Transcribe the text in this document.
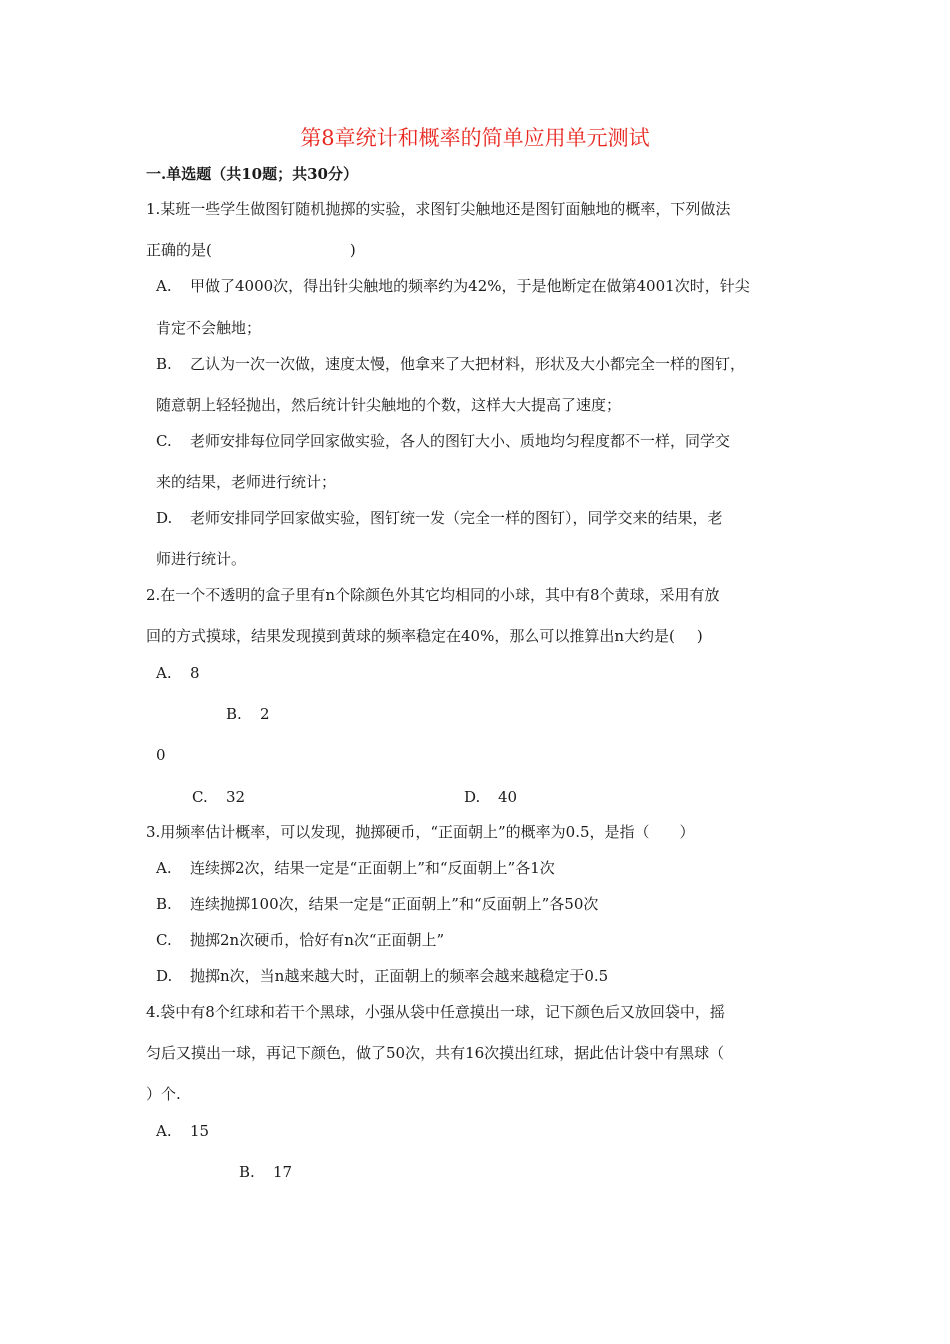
第8章统计和概率的简单应用单元测试
一.单选题（共10题；共30分）
1.某班一些学生做图钉随机抛掷的实验，求图钉尖触地还是图钉面触地的概率，下列做法
正确的是(	)
A. 甲做了4000次，得出针尖触地的频率约为42%，于是他断定在做第4001次时，针尖
肯定不会触地；
B. 乙认为一次一次做，速度太慢，他拿来了大把材料，形状及大小都完全一样的图钉，
随意朝上轻轻抛出，然后统计针尖触地的个数，这样大大提高了速度；
C. 老师安排每位同学回家做实验，各人的图钉大小、质地均匀程度都不一样，同学交
来的结果，老师进行统计；
D. 老师安排同学回家做实验，图钉统一发（完全一样的图钉），同学交来的结果，老
师进行统计。
2.在一个不透明的盒子里有n个除颜色外其它均相同的小球，其中有8个黄球，采用有放
回的方式摸球，结果发现摸到黄球的频率稳定在40%，那么可以推算出n大约是( )
A. 8
B. 2
0
C. 32	D. 40
3.用频率估计概率，可以发现，抛掷硬币，“正面朝上”的概率为0.5，是指（　　）
A. 连续掷2次，结果一定是“正面朝上”和“反面朝上”各1次
B. 连续抛掷100次，结果一定是“正面朝上”和“反面朝上”各50次
C. 抛掷2n次硬币，恰好有n次“正面朝上”
D. 抛掷n次，当n越来越大时，正面朝上的频率会越来越稳定于0.5
4.袋中有8个红球和若干个黑球，小强从袋中任意摸出一球，记下颜色后又放回袋中，摇
匀后又摸出一球，再记下颜色，做了50次，共有16次摸出红球，据此估计袋中有黑球（
）个.
A. 15
B. 17
